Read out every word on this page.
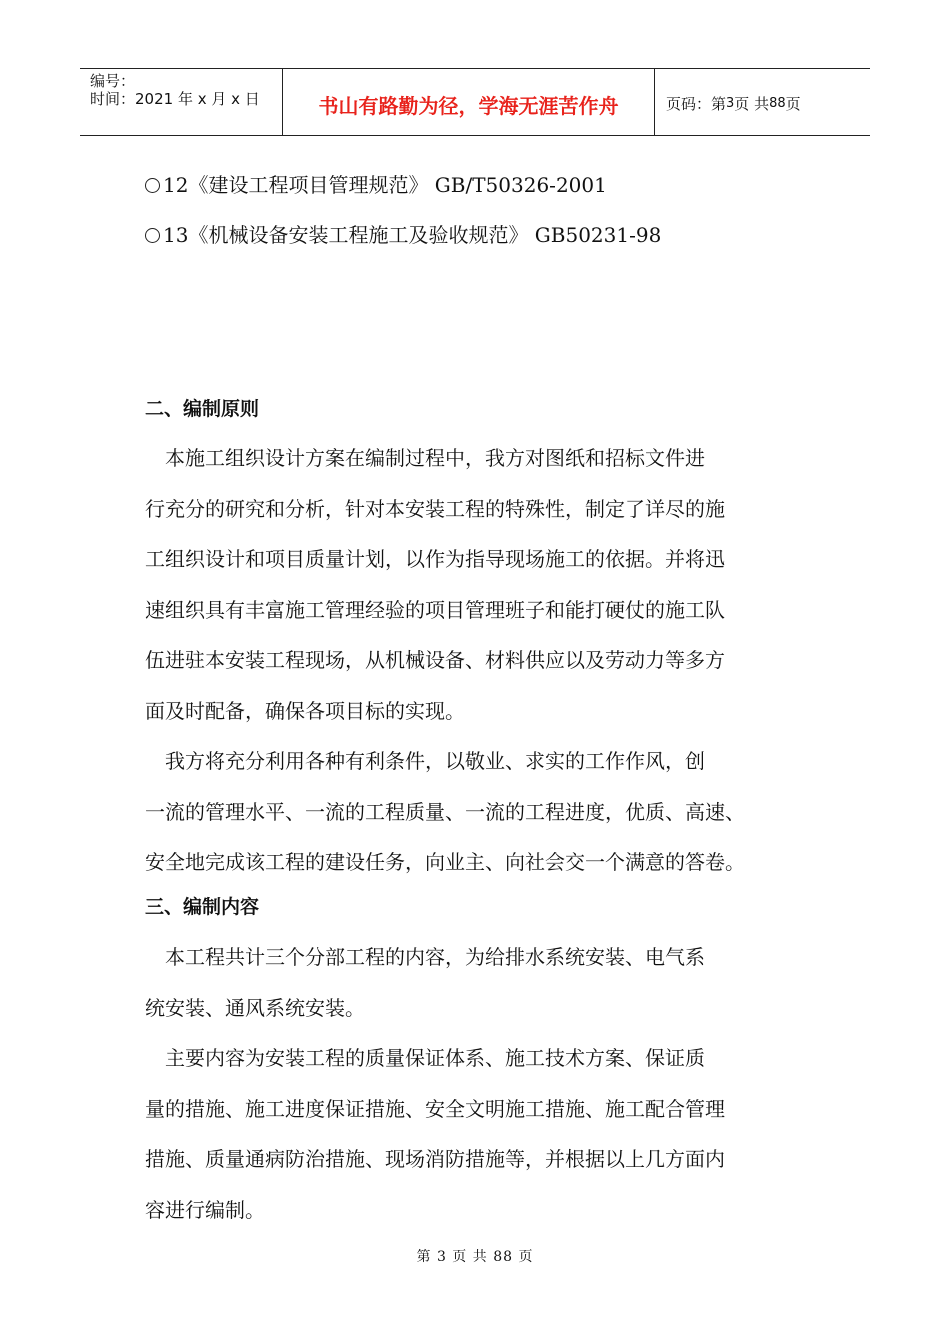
编号：
时间：2021 年 x 月 x 日	书山有路勤为径，学海无涯苦作舟	页码：第 3 页 共 88 页
12《建设工程项目管理规范》 GB/T50326-2001
13《机械设备安装工程施工及验收规范》 GB50231-98
二、编制原则
　本施工组织设计方案在编制过程中，我方对图纸和招标文件进
行充分的研究和分析，针对本安装工程的特殊性，制定了详尽的施
工组织设计和项目质量计划，以作为指导现场施工的依据。并将迅
速组织具有丰富施工管理经验的项目管理班子和能打硬仗的施工队
伍进驻本安装工程现场，从机械设备、材料供应以及劳动力等多方
面及时配备，确保各项目标的实现。
　我方将充分利用各种有利条件，以敬业、求实的工作作风，创
一流的管理水平、一流的工程质量、一流的工程进度，优质、高速、
安全地完成该工程的建设任务，向业主、向社会交一个满意的答卷。
三、编制内容
　本工程共计三个分部工程的内容，为给排水系统安装、电气系
统安装、通风系统安装。
　主要内容为安装工程的质量保证体系、施工技术方案、保证质
量的措施、施工进度保证措施、安全文明施工措施、施工配合管理
措施、质量通病防治措施、现场消防措施等，并根据以上几方面内
容进行编制。
第 3 页 共 88 页
